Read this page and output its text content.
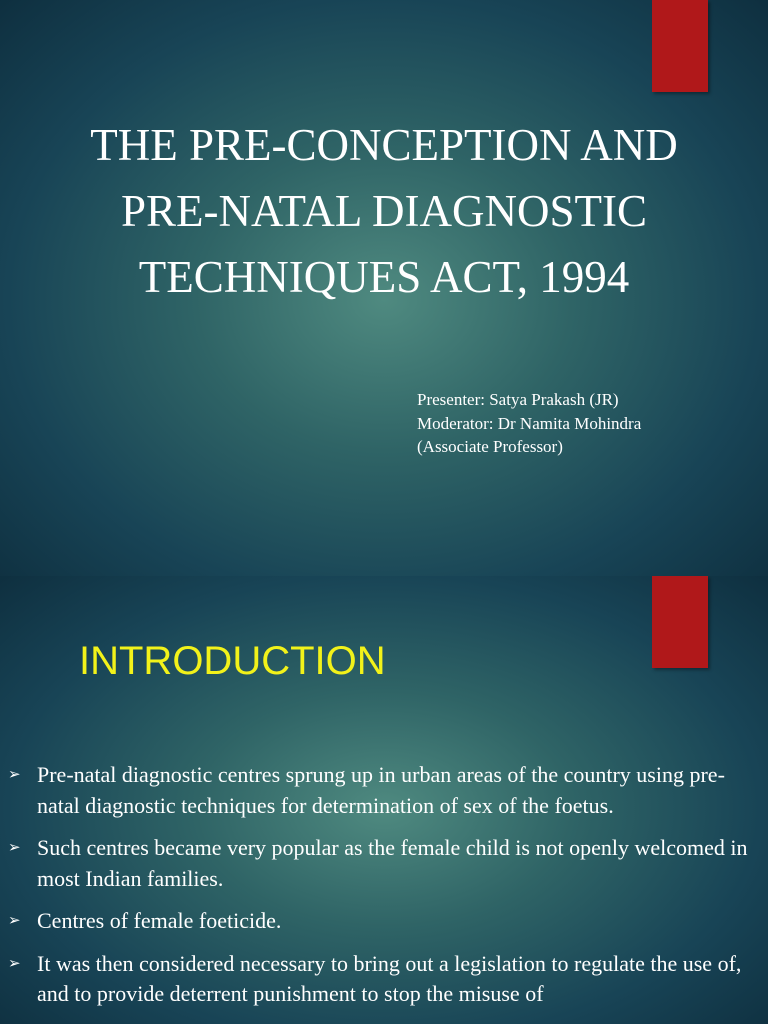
THE PRE-CONCEPTION AND
PRE-NATAL DIAGNOSTIC
TECHNIQUES ACT, 1994
Presenter: Satya Prakash (JR)
Moderator: Dr Namita Mohindra
(Associate Professor)
INTRODUCTION
➢ Pre-natal diagnostic centres sprung up in urban areas of the country using pre-natal diagnostic techniques for determination of sex of the foetus.
➢ Such centres became very popular as the female child is not openly welcomed in most Indian families.
➢ Centres of female foeticide.
➢ It was then considered necessary to bring out a legislation to regulate the use of, and to provide deterrent punishment to stop the misuse of
